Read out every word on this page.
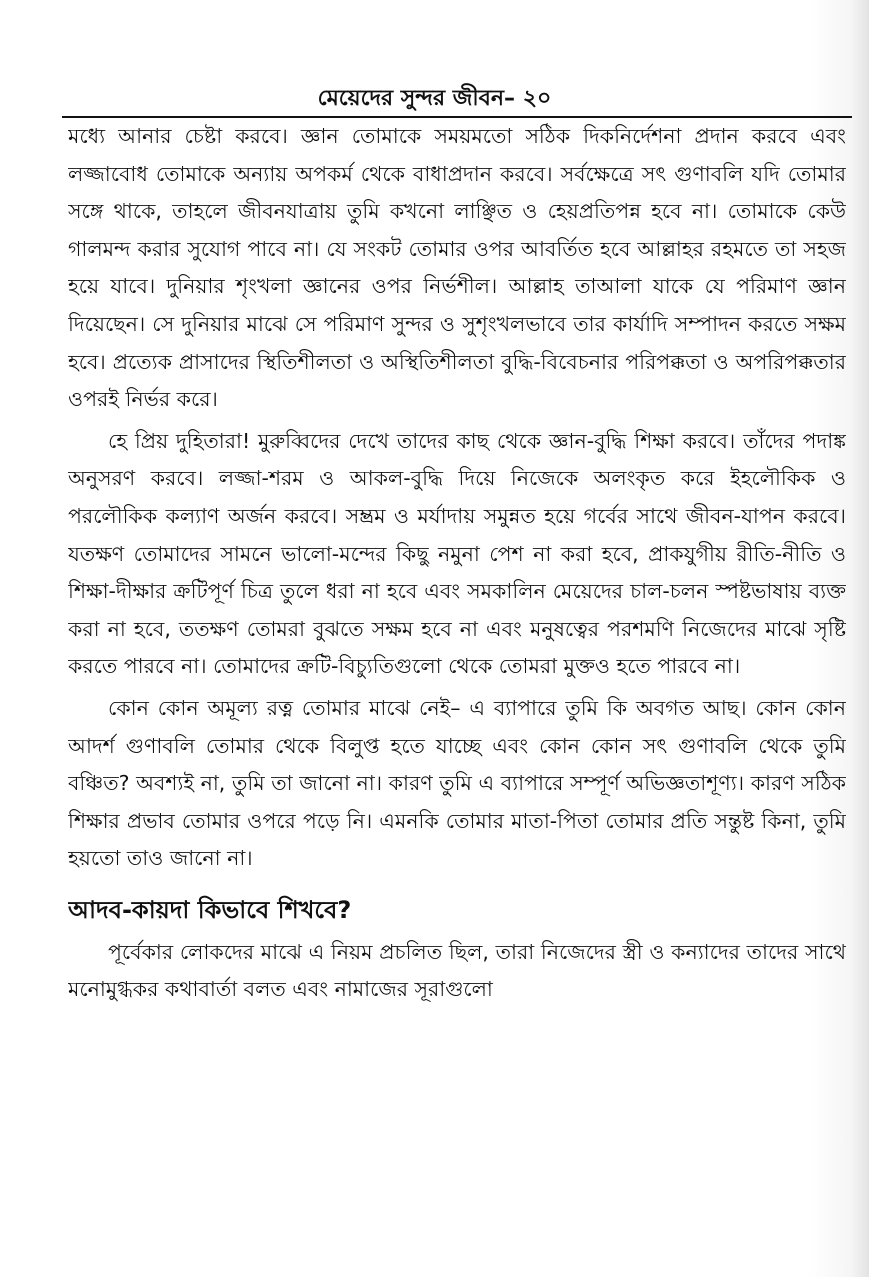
মেয়েদের সুন্দর জীবন– ২০

মধ্যে আনার চেষ্টা করবে। জ্ঞান তোমাকে সময়মতো সঠিক দিকনির্দেশনা প্রদান করবে এবং লজ্জাবোধ তোমাকে অন্যায় অপকর্ম থেকে বাধাপ্রদান করবে। সর্বক্ষেত্রে সৎ গুণাবলি যদি তোমার সঙ্গে থাকে, তাহলে জীবনযাত্রায় তুমি কখনো লাঞ্ছিত ও হেয়প্রতিপন্ন হবে না। তোমাকে কেউ গালমন্দ করার সুযোগ পাবে না। যে সংকট তোমার ওপর আবর্তিত হবে আল্লাহর রহমতে তা সহজ হয়ে যাবে। দুনিয়ার শৃংখলা জ্ঞানের ওপর নির্ভশীল। আল্লাহ তাআলা যাকে যে পরিমাণ জ্ঞান দিয়েছেন। সে দুনিয়ার মাঝে সে পরিমাণ সুন্দর ও সুশৃংখলভাবে তার কার্যাদি সম্পাদন করতে সক্ষম হবে। প্রত্যেক প্রাসাদের স্থিতিশীলতা ও অস্থিতিশীলতা বুদ্ধি-বিবেচনার পরিপক্কতা ও অপরিপক্কতার ওপরই নির্ভর করে।

হে প্রিয় দুহিতারা! মুরুব্বিদের দেখে তাদের কাছ থেকে জ্ঞান-বুদ্ধি শিক্ষা করবে। তাঁদের পদাঙ্ক অনুসরণ করবে। লজ্জা-শরম ও আকল-বুদ্ধি দিয়ে নিজেকে অলংকৃত করে ইহলৌকিক ও পরলৌকিক কল্যাণ অর্জন করবে। সম্ভ্রম ও মর্যাদায় সমুন্নত হয়ে গর্বের সাথে জীবন-যাপন করবে। যতক্ষণ তোমাদের সামনে ভালো-মন্দের কিছু নমুনা পেশ না করা হবে, প্রাকযুগীয় রীতি-নীতি ও শিক্ষা-দীক্ষার ক্রটিপূর্ণ চিত্র তুলে ধরা না হবে এবং সমকালিন মেয়েদের চাল-চলন স্পষ্টভাষায় ব্যক্ত করা না হবে, ততক্ষণ তোমরা বুঝতে সক্ষম হবে না এবং মনুষত্বের পরশমণি নিজেদের মাঝে সৃষ্টি করতে পারবে না। তোমাদের ক্রটি-বিচ্যুতিগুলো থেকে তোমরা মুক্তও হতে পারবে না।

কোন কোন অমূল্য রত্ন তোমার মাঝে নেই– এ ব্যাপারে তুমি কি অবগত আছ। কোন কোন আদর্শ গুণাবলি তোমার থেকে বিলুপ্ত হতে যাচ্ছে এবং কোন কোন সৎ গুণাবলি থেকে তুমি বঞ্চিত? অবশ্যই না, তুমি তা জানো না। কারণ তুমি এ ব্যাপারে সম্পূর্ণ অভিজ্ঞতাশূণ্য। কারণ সঠিক শিক্ষার প্রভাব তোমার ওপরে পড়ে নি। এমনকি তোমার মাতা-পিতা তোমার প্রতি সন্তুষ্ট কিনা, তুমি হয়তো তাও জানো না।

আদব-কায়দা কিভাবে শিখবে?

পূর্বেকার লোকদের মাঝে এ নিয়ম প্রচলিত ছিল, তারা নিজেদের স্ত্রী ও কন্যাদের তাদের সাথে মনোমুগ্ধকর কথাবার্তা বলত এবং নামাজের সূরাগুলো
